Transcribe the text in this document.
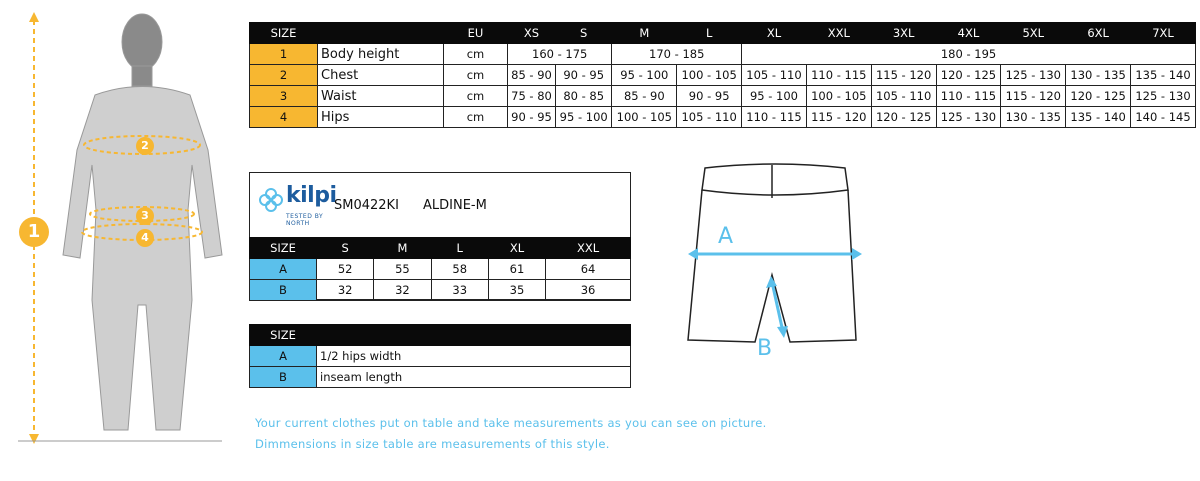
1
2
3
4
SIZE		EU	XS	S	M	L	XL	XXL	3XL	4XL	5XL	6XL	7XL
1	Body height	cm	160 - 175		170 - 185		180 - 195						
2	Chest	cm	85 - 90	90 - 95	95 - 100	100 - 105	105 - 110	110 - 115	115 - 120	120 - 125	125 - 130	130 - 135	135 - 140
3	Waist	cm	75 - 80	80 - 85	85 - 90	90 - 95	95 - 100	100 - 105	105 - 110	110 - 115	115 - 120	120 - 125	125 - 130
4	Hips	cm	90 - 95	95 - 100	100 - 105	105 - 110	110 - 115	115 - 120	120 - 125	125 - 130	130 - 135	135 - 140	140 - 145
kilpi
TESTED BY NORTH
SM0422KI ALDINE-M
SIZE	S	M	L	XL	XXL
A	52	55	58	61	64
B	32	32	33	35	36
SIZE	
A	1/2 hips width
B	inseam length
Your current clothes put on table and take measurements as you can see on picture.
Dimmensions in size table are measurements of this style.
A
B
